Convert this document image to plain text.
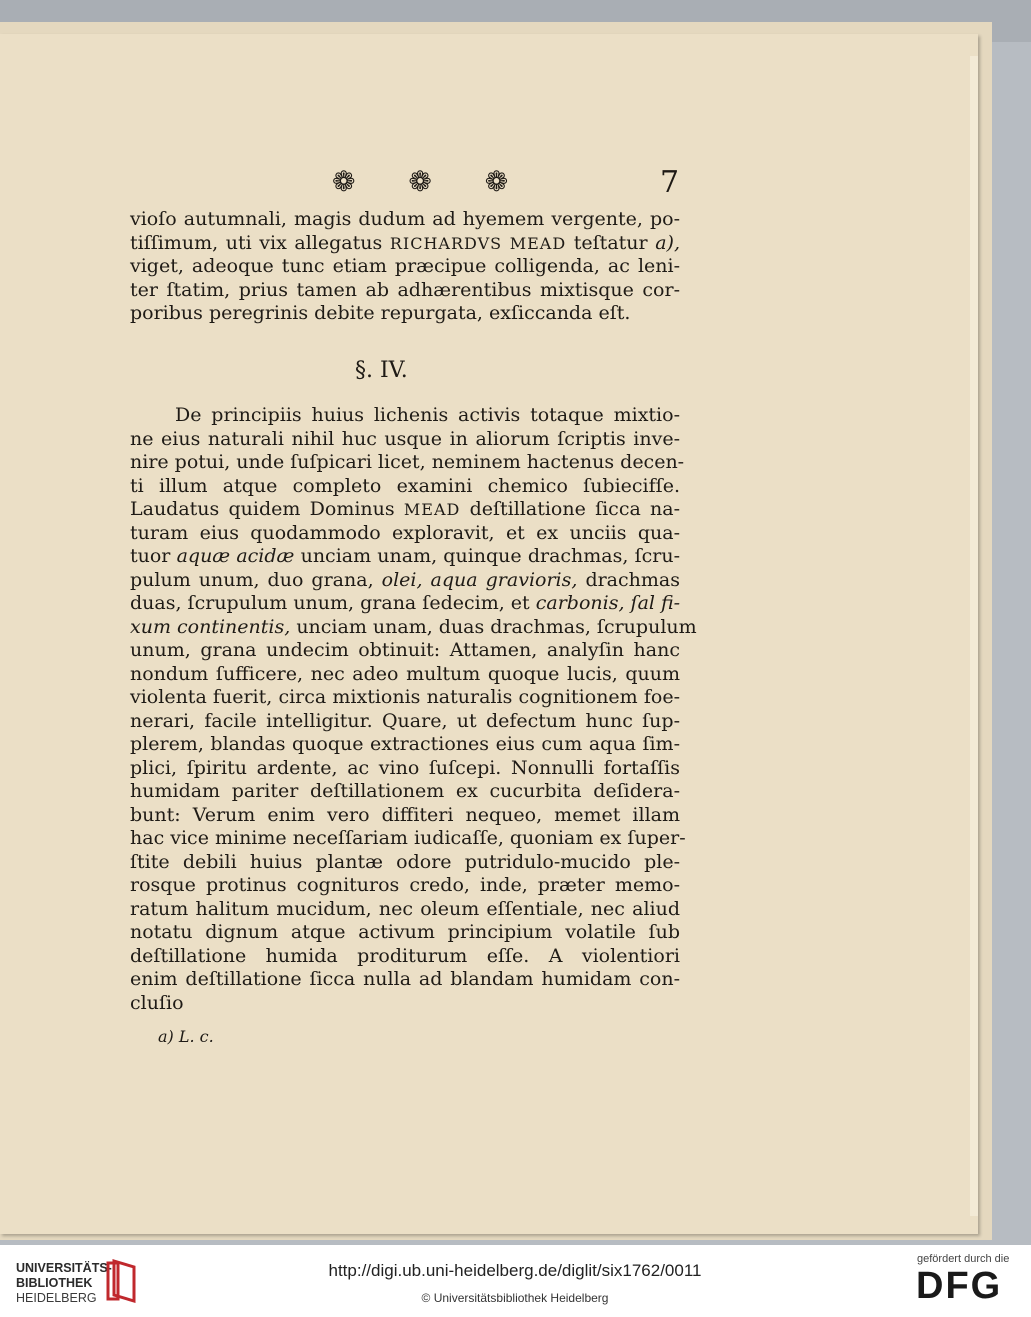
❁ ❁ ❁	7
vioſo autumnali, magis dudum ad hyemem vergente, po-
tiſſimum, uti vix allegatus RICHARDVS MEAD teſtatur a),
viget, adeoque tunc etiam præcipue colligenda, ac leni-
ter ſtatim, prius tamen ab adhærentibus mixtisque cor-
poribus peregrinis debite repurgata, exſiccanda eſt.
§. IV.
De principiis huius lichenis activis totaque mixtio-
ne eius naturali nihil huc usque in aliorum ſcriptis inve-
nire potui, unde ſuſpicari licet, neminem hactenus decen-
ti illum atque completo examini chemico ſubiecifſe.
Laudatus quidem Dominus MEAD deſtillatione ſicca na-
turam eius quodammodo exploravit, et ex unciis qua-
tuor aquæ acidæ unciam unam, quinque drachmas, ſcru-
pulum unum, duo grana, olei, aqua gravioris, drachmas
duas, ſcrupulum unum, grana ſedecim, et carbonis, ſal fi-
xum continentis, unciam unam, duas drachmas, ſcrupulum
unum, grana undecim obtinuit: Attamen, analyſin hanc
nondum ſufficere, nec adeo multum quoque lucis, quum
violenta fuerit, circa mixtionis naturalis cognitionem foe-
nerari, facile intelligitur. Quare, ut defectum hunc ſup-
plerem, blandas quoque extractiones eius cum aqua ſim-
plici, ſpiritu ardente, ac vino ſuſcepi. Nonnulli fortaſſis
humidam pariter deſtillationem ex cucurbita deſidera-
bunt: Verum enim vero diffiteri nequeo, memet illam
hac vice minime neceſſariam iudicaſſe, quoniam ex ſuper-
ſtite debili huius plantæ odore putridulo-mucido ple-
rosque protinus cognituros credo, inde, præter memo-
ratum halitum mucidum, nec oleum eſſentiale, nec aliud
notatu dignum atque activum principium volatile ſub
deſtillatione humida proditurum eſſe. A violentiori
enim deſtillatione ſicca nulla ad blandam humidam con-
cluſio
a) L. c.
UNIVERSITÄTS-
BIBLIOTHEK
HEIDELBERG
http://digi.ub.uni-heidelberg.de/diglit/six1762/0011
© Universitätsbibliothek Heidelberg
gefördert durch die
DFG
